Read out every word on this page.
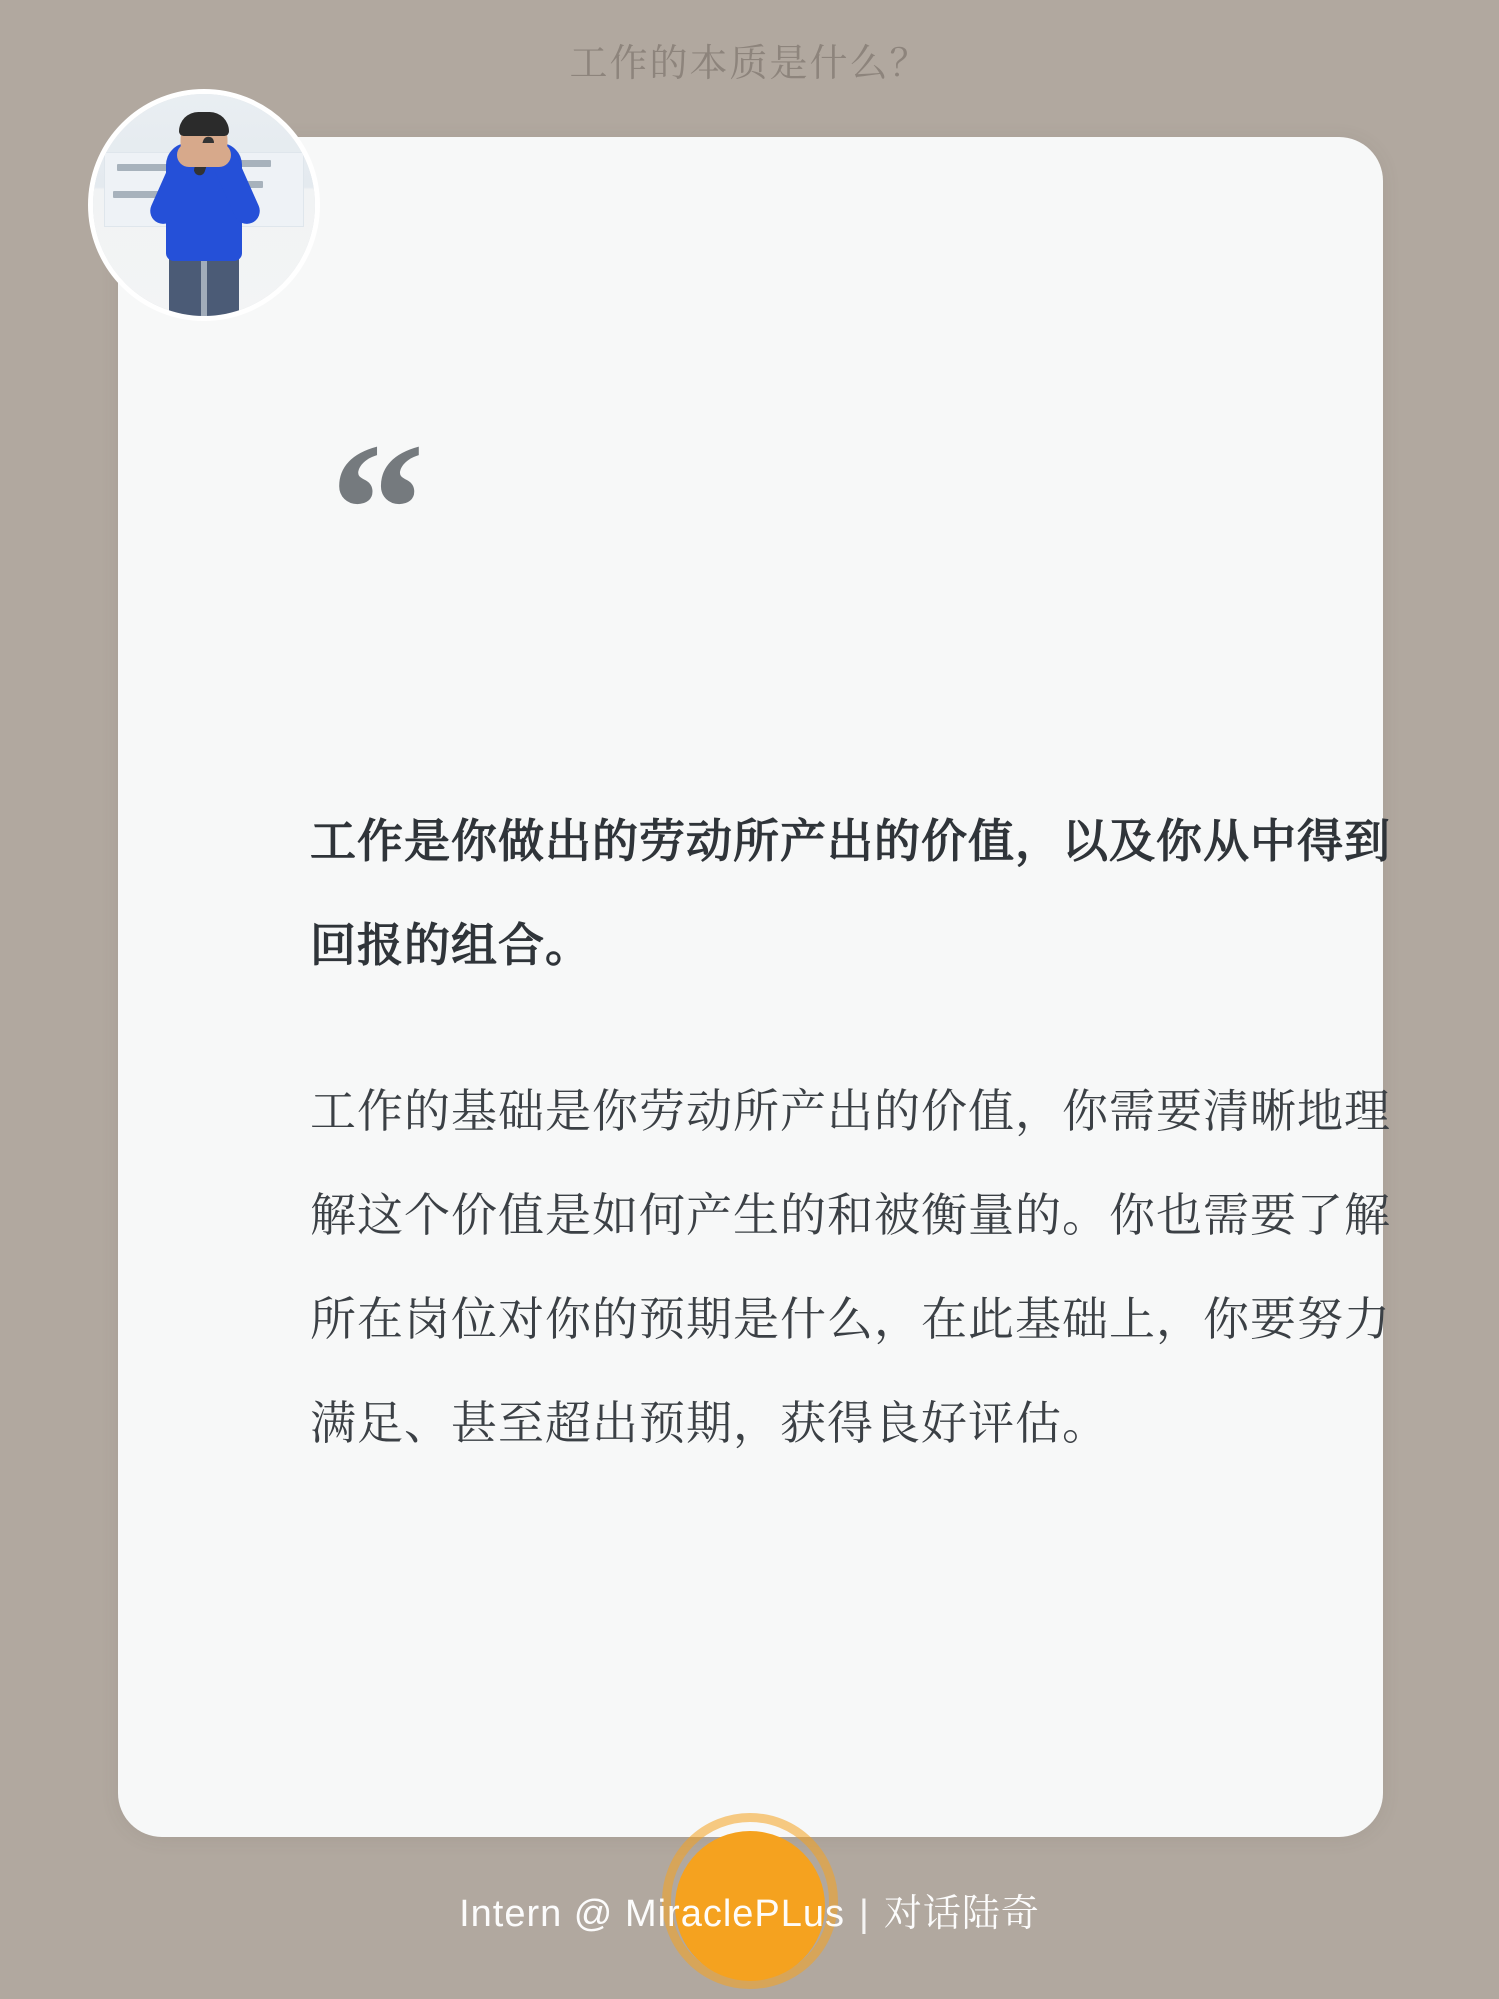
工作的本质是什么？
“

工作是你做出的劳动所产出的价值，以及你从中得到回报的组合。

工作的基础是你劳动所产出的价值，你需要清晰地理解这个价值是如何产生的和被衡量的。你也需要了解所在岗位对你的预期是什么，在此基础上，你要努力满足、甚至超出预期，获得良好评估。

Intern @ MiraclePLus | 对话陆奇
